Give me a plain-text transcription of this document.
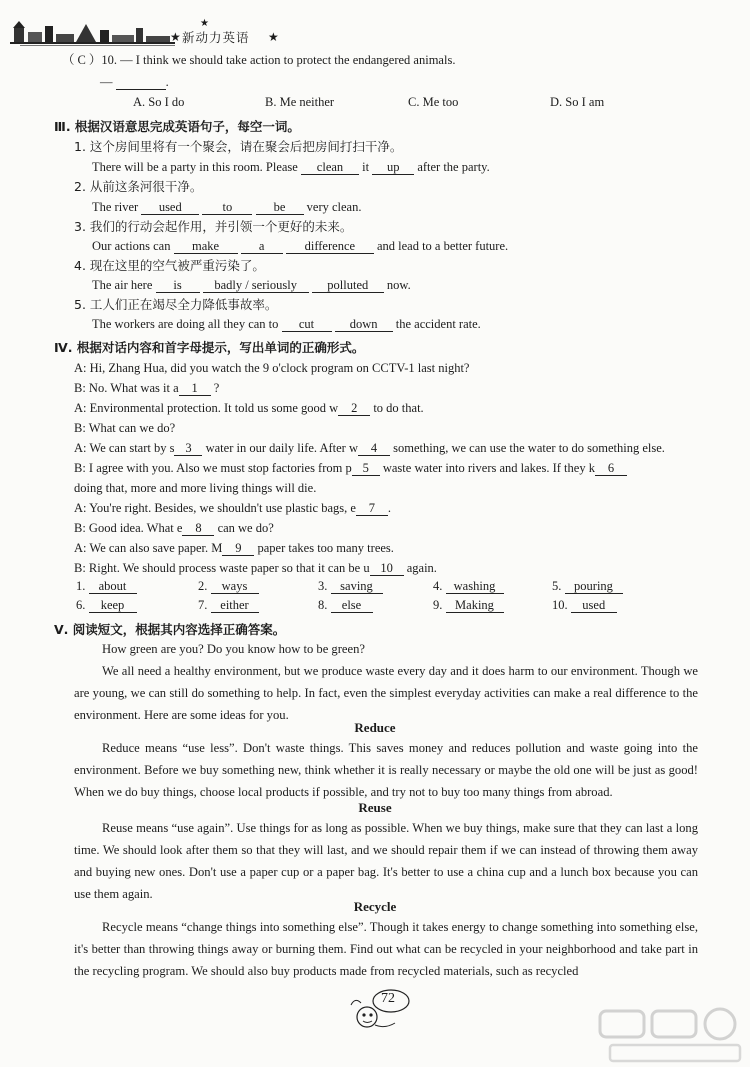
★
★
新动力英语 ★
（ C ）10. — I think we should take action to protect the endangered animals.
—	.
A. So I do	B. Me neither	C. Me too	D. So I am
Ⅲ. 根据汉语意思完成英语句子，每空一词。
1. 这个房间里将有一个聚会，请在聚会后把房间打扫干净。
There will be a party in this room. Please clean it up after the party.
2. 从前这条河很干净。
The river used	to	be very clean.
3. 我们的行动会起作用，并引领一个更好的未来。
Our actions can make	a	difference and lead to a better future.
4. 现在这里的空气被严重污染了。
The air here is	badly / seriously polluted now.
5. 工人们正在竭尽全力降低事故率。
The workers are doing all they can to cut	down the accident rate.
Ⅳ. 根据对话内容和首字母提示，写出单词的正确形式。
A: Hi, Zhang Hua, did you watch the 9 o'clock program on CCTV-1 last night?
B: No. What was it a 1 ?
A: Environmental protection. It told us some good w 2 to do that.
B: What can we do?
A: We can start by s 3 water in our daily life. After w 4 something, we can use the water to do something else.
B: I agree with you. Also we must stop factories from p 5 waste water into rivers and lakes. If they k 6
doing that, more and more living things will die.
A: You're right. Besides, we shouldn't use plastic bags, e 7 .
B: Good idea. What e 8 can we do?
A: We can also save paper. M 9 paper takes too many trees.
B: Right. We should process waste paper so that it can be u 10 again.
1. about	2. ways	3. saving	4. washing	5. pouring
6. keep	7. either	8. else	9. Making	10. used
Ⅴ. 阅读短文，根据其内容选择正确答案。

How green are you? Do you know how to be green?

We all need a healthy environment, but we produce waste every day and it does harm to our environment. Though we are young, we can still do something to help. In fact, even the simplest everyday activities can make a real difference to the environment. Here are some ideas for you.

Reduce

Reduce means “use less”. Don't waste things. This saves money and reduces pollution and waste going into the environment. Before we buy something new, think whether it is really necessary or maybe the old one will be just as good! When we do buy things, choose local products if possible, and try not to buy too many things from abroad.

Reuse

Reuse means “use again”. Use things for as long as possible. When we buy things, make sure that they can last a long time. We should look after them so that they will last, and we should repair them if we can instead of throwing them away and buying new ones. Don't use a paper cup or a paper bag. It's better to use a china cup and a lunch box because you can use them again.

Recycle

Recycle means “change things into something else”. Though it takes energy to change something into something else, it's better than throwing things away or burning them. Find out what can be recycled in your neighborhood and take part in the recycling program. We should also buy products made from recycled materials, such as recycled

72
